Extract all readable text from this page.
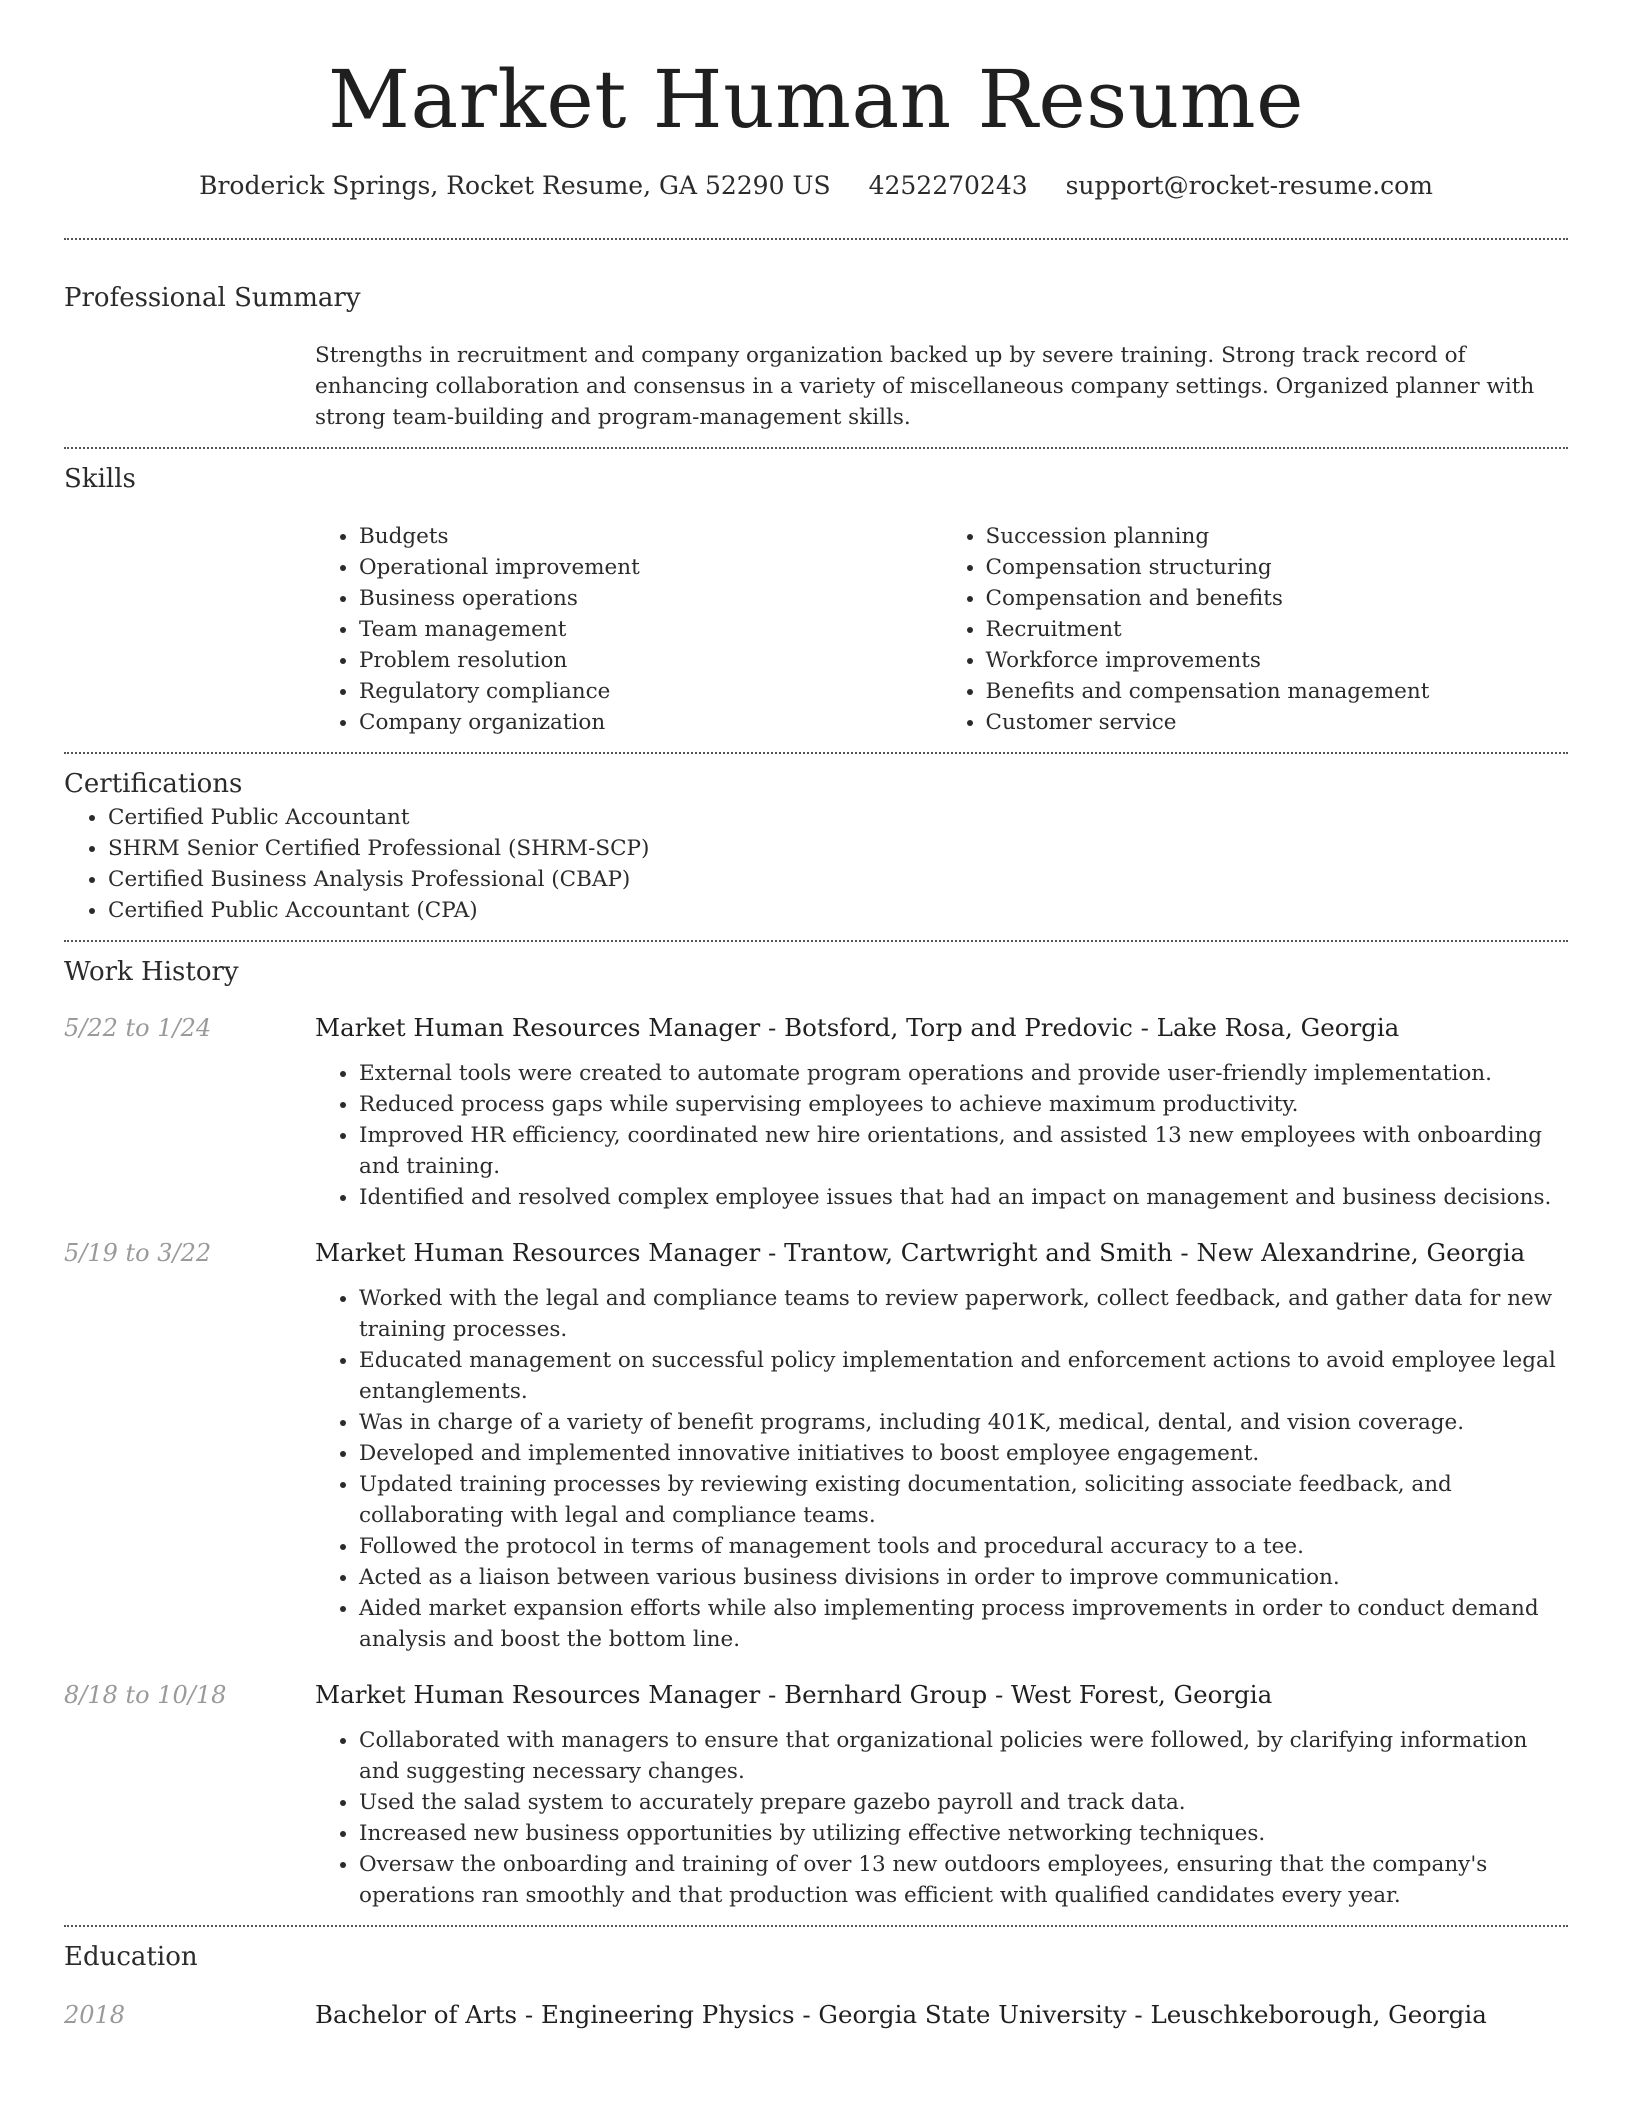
Market Human Resume
Broderick Springs, Rocket Resume, GA 52290 US 4252270243 support@rocket-resume.com
Professional Summary
Strengths in recruitment and company organization backed up by severe training. Strong track record of enhancing collaboration and consensus in a variety of miscellaneous company settings. Organized planner with strong team-building and program-management skills.
Skills
• Budgets
• Operational improvement
• Business operations
• Team management
• Problem resolution
• Regulatory compliance
• Company organization
• Succession planning
• Compensation structuring
• Compensation and benefits
• Recruitment
• Workforce improvements
• Benefits and compensation management
• Customer service
Certifications
• Certified Public Accountant
• SHRM Senior Certified Professional (SHRM-SCP)
• Certified Business Analysis Professional (CBAP)
• Certified Public Accountant (CPA)
Work History
5/22 to 1/24	Market Human Resources Manager - Botsford, Torp and Predovic - Lake Rosa, Georgia
• External tools were created to automate program operations and provide user-friendly implementation.
• Reduced process gaps while supervising employees to achieve maximum productivity.
• Improved HR efficiency, coordinated new hire orientations, and assisted 13 new employees with onboarding and training.
• Identified and resolved complex employee issues that had an impact on management and business decisions.
5/19 to 3/22	Market Human Resources Manager - Trantow, Cartwright and Smith - New Alexandrine, Georgia
• Worked with the legal and compliance teams to review paperwork, collect feedback, and gather data for new training processes.
• Educated management on successful policy implementation and enforcement actions to avoid employee legal entanglements.
• Was in charge of a variety of benefit programs, including 401K, medical, dental, and vision coverage.
• Developed and implemented innovative initiatives to boost employee engagement.
• Updated training processes by reviewing existing documentation, soliciting associate feedback, and collaborating with legal and compliance teams.
• Followed the protocol in terms of management tools and procedural accuracy to a tee.
• Acted as a liaison between various business divisions in order to improve communication.
• Aided market expansion efforts while also implementing process improvements in order to conduct demand analysis and boost the bottom line.
8/18 to 10/18	Market Human Resources Manager - Bernhard Group - West Forest, Georgia
• Collaborated with managers to ensure that organizational policies were followed, by clarifying information and suggesting necessary changes.
• Used the salad system to accurately prepare gazebo payroll and track data.
• Increased new business opportunities by utilizing effective networking techniques.
• Oversaw the onboarding and training of over 13 new outdoors employees, ensuring that the company's operations ran smoothly and that production was efficient with qualified candidates every year.
Education
2018	Bachelor of Arts - Engineering Physics - Georgia State University - Leuschkeborough, Georgia
